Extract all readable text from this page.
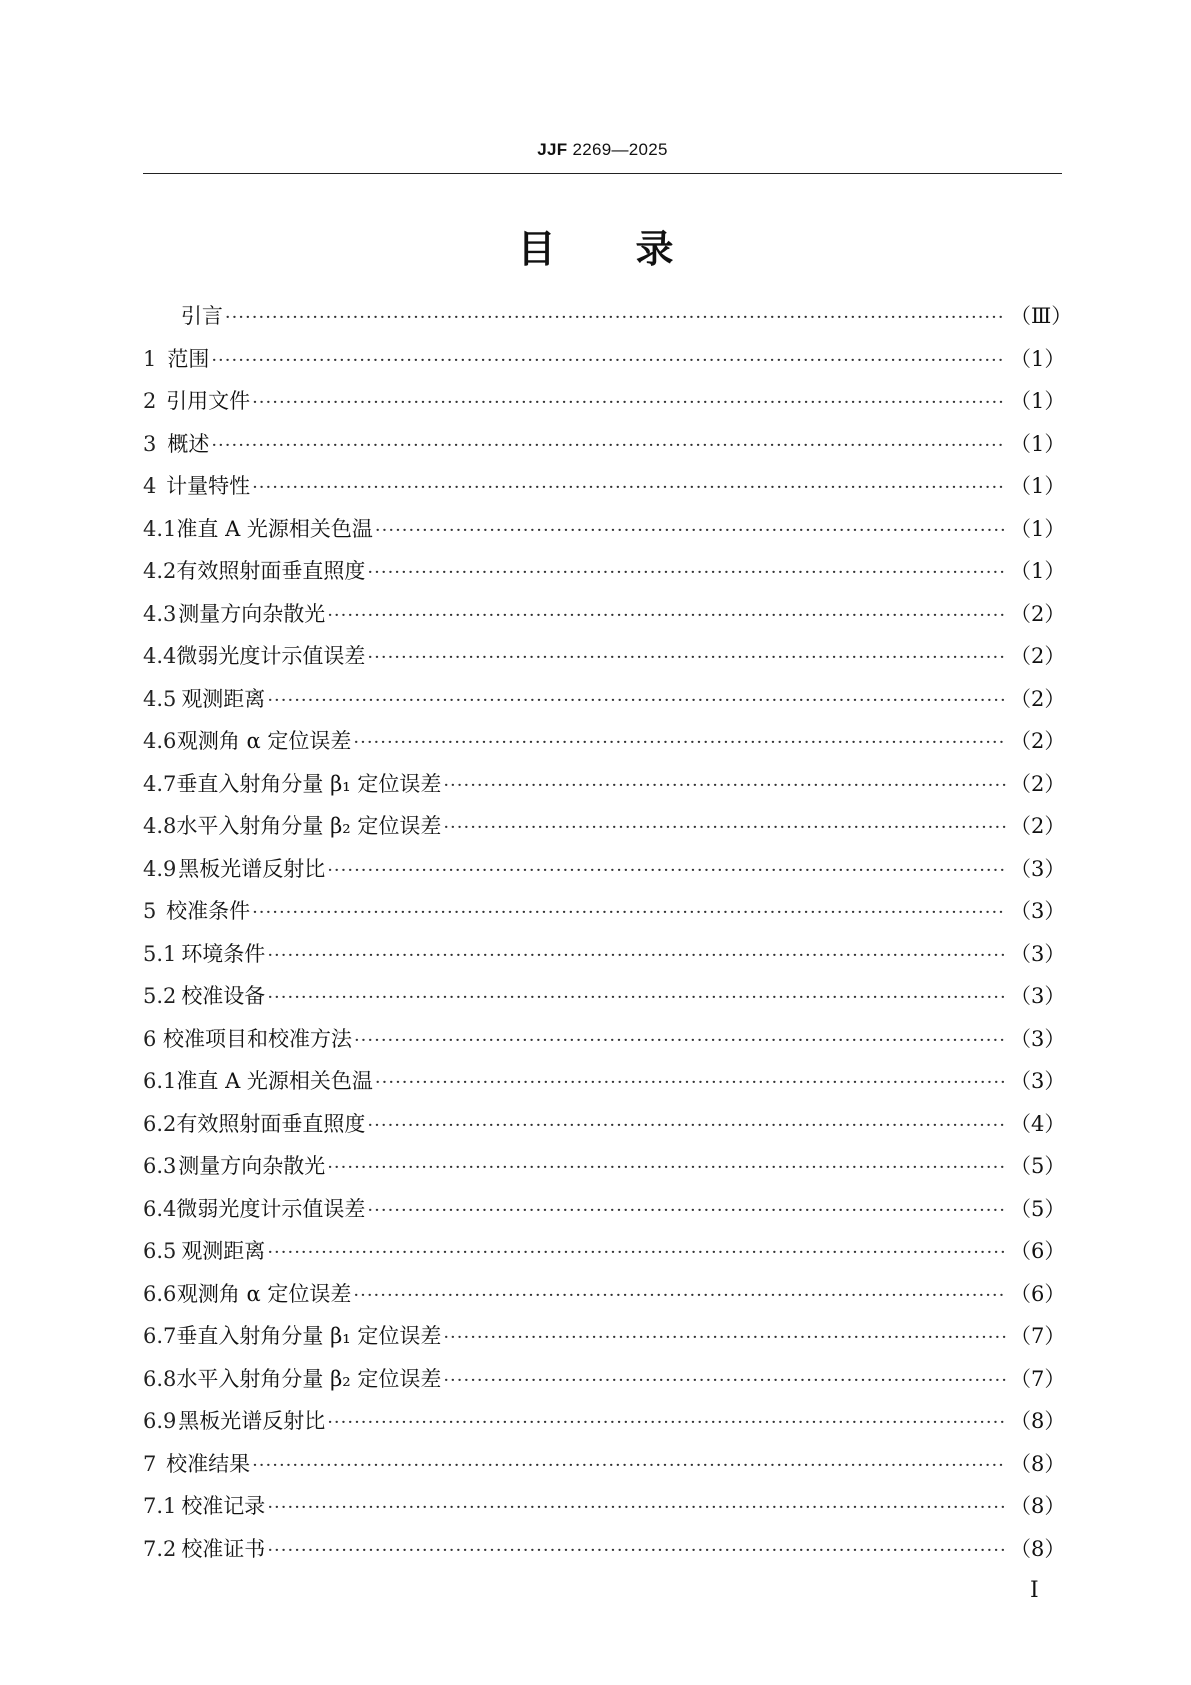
JJF 2269—2025
目录
引言 ·····	（Ⅲ）
1 范围 ·····	（1）
2 引用文件 ·····	（1）
3 概述 ·····	（1）
4 计量特性 ·····	（1）
4.1 准直 A 光源相关色温 ·····	（1）
4.2 有效照射面垂直照度 ·····	（1）
4.3 测量方向杂散光 ·····	（2）
4.4 微弱光度计示值误差 ·····	（2）
4.5 观测距离 ·····	（2）
4.6 观测角 α 定位误差 ·····	（2）
4.7 垂直入射角分量 β₁ 定位误差 ·····	（2）
4.8 水平入射角分量 β₂ 定位误差 ·····	（2）
4.9 黑板光谱反射比 ·····	（3）
5 校准条件 ·····	（3）
5.1 环境条件 ·····	（3）
5.2 校准设备 ·····	（3）
6 校准项目和校准方法 ·····	（3）
6.1 准直 A 光源相关色温 ·····	（3）
6.2 有效照射面垂直照度 ·····	（4）
6.3 测量方向杂散光 ·····	（5）
6.4 微弱光度计示值误差 ·····	（5）
6.5 观测距离 ·····	（6）
6.6 观测角 α 定位误差 ·····	（6）
6.7 垂直入射角分量 β₁ 定位误差 ·····	（7）
6.8 水平入射角分量 β₂ 定位误差 ·····	（7）
6.9 黑板光谱反射比 ·····	（8）
7 校准结果 ·····	（8）
7.1 校准记录 ·····	（8）
7.2 校准证书 ·····	（8）
Ⅰ
